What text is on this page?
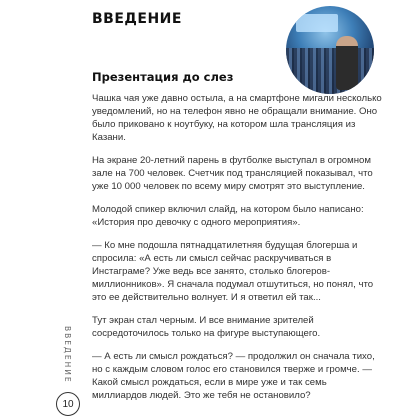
ВВЕДЕНИЕ
Презентация до слез

Чашка чая уже давно остыла, а на смартфоне мигали несколько уведомлений, но на телефон явно не обращали внимание. Оно было приковано к ноутбуку, на котором шла трансляция из Казани.

На экране 20-летний парень в футболке выступал в огромном зале на 700 человек. Счетчик под трансляцией показывал, что уже 10 000 человек по всему миру смотрят это выступление.

Молодой спикер включил слайд, на котором было написано: «История про девочку с одного мероприятия».

— Ко мне подошла пятнадцатилетняя будущая блогерша и спросила: «А есть ли смысл сейчас раскручиваться в Инстаграме? Уже ведь все занято, столько блогеров-миллионников». Я сначала подумал отшутиться, но понял, что это ее действительно волнует. И я ответил ей так...

Тут экран стал черным. И все внимание зрителей сосредоточилось только на фигуре выступающего.

— А есть ли смысл рождаться? — продолжил он сначала тихо, но с каждым словом голос его становился тверже и громче. — Какой смысл рождаться, если в мире уже и так семь миллиардов людей. Это же тебя не остановило?

ВВЕДЕНИЕ
10
